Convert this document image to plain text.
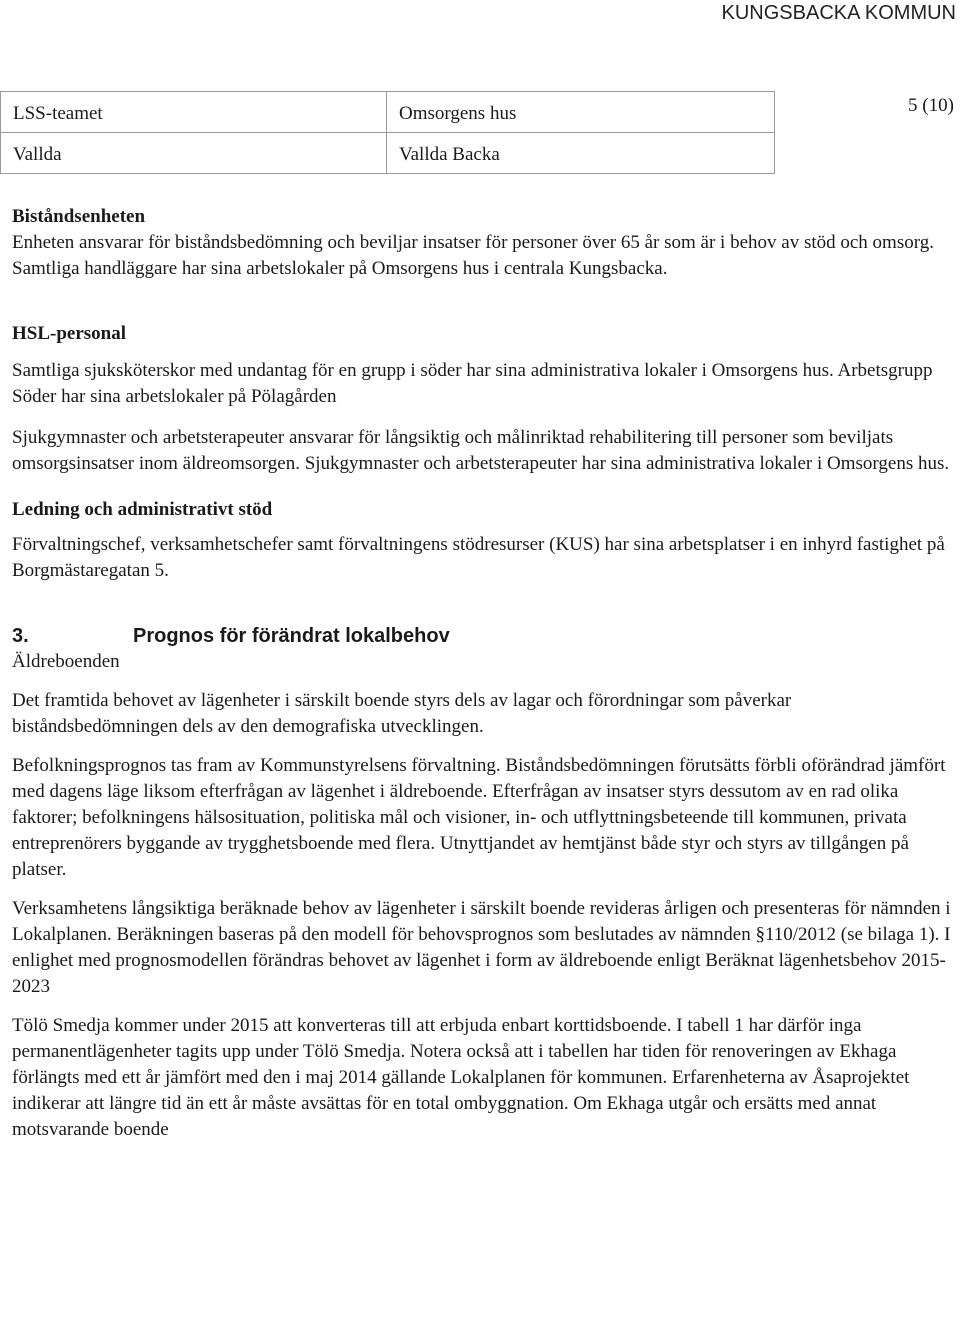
KUNGSBACKA KOMMUN
LSS-teamet	Omsorgens hus
Vallda	Vallda Backa
5 (10)
Biståndsenheten

Enheten ansvarar för biståndsbedömning och beviljar insatser för personer över 65 år som är i behov av stöd och omsorg. Samtliga handläggare har sina arbetslokaler på Omsorgens hus i centrala Kungsbacka.

HSL-personal

Samtliga sjuksköterskor med undantag för en grupp i söder har sina administrativa lokaler i Omsorgens hus. Arbetsgrupp Söder har sina arbetslokaler på Pölagården

Sjukgymnaster och arbetsterapeuter ansvarar för långsiktig och målinriktad rehabilitering till personer som beviljats omsorgsinsatser inom äldreomsorgen. Sjukgymnaster och arbetsterapeuter har sina administrativa lokaler i Omsorgens hus.

Ledning och administrativt stöd

Förvaltningschef, verksamhetschefer samt förvaltningens stödresurser (KUS) har sina arbetsplatser i en inhyrd fastighet på Borgmästaregatan 5.

3.	Prognos för förändrat lokalbehov

Äldreboenden

Det framtida behovet av lägenheter i särskilt boende styrs dels av lagar och förordningar som påverkar biståndsbedömningen dels av den demografiska utvecklingen.

Befolkningsprognos tas fram av Kommunstyrelsens förvaltning. Biståndsbedömningen förutsätts förbli oförändrad jämfört med dagens läge liksom efterfrågan av lägenhet i äldreboende. Efterfrågan av insatser styrs dessutom av en rad olika faktorer; befolkningens hälsosituation, politiska mål och visioner, in- och utflyttningsbeteende till kommunen, privata entreprenörers byggande av trygghetsboende med flera. Utnyttjandet av hemtjänst både styr och styrs av tillgången på platser.

Verksamhetens långsiktiga beräknade behov av lägenheter i särskilt boende revideras årligen och presenteras för nämnden i Lokalplanen. Beräkningen baseras på den modell för behovsprognos som beslutades av nämnden §110/2012 (se bilaga 1). I enlighet med prognosmodellen förändras behovet av lägenhet i form av äldreboende enligt Beräknat lägenhetsbehov 2015-2023

Tölö Smedja kommer under 2015 att konverteras till att erbjuda enbart korttidsboende. I tabell 1 har därför inga permanentlägenheter tagits upp under Tölö Smedja. Notera också att i tabellen har tiden för renoveringen av Ekhaga förlängts med ett år jämfört med den i maj 2014 gällande Lokalplanen för kommunen. Erfarenheterna av Åsaprojektet indikerar att längre tid än ett år måste avsättas för en total ombyggnation. Om Ekhaga utgår och ersätts med annat motsvarande boende
